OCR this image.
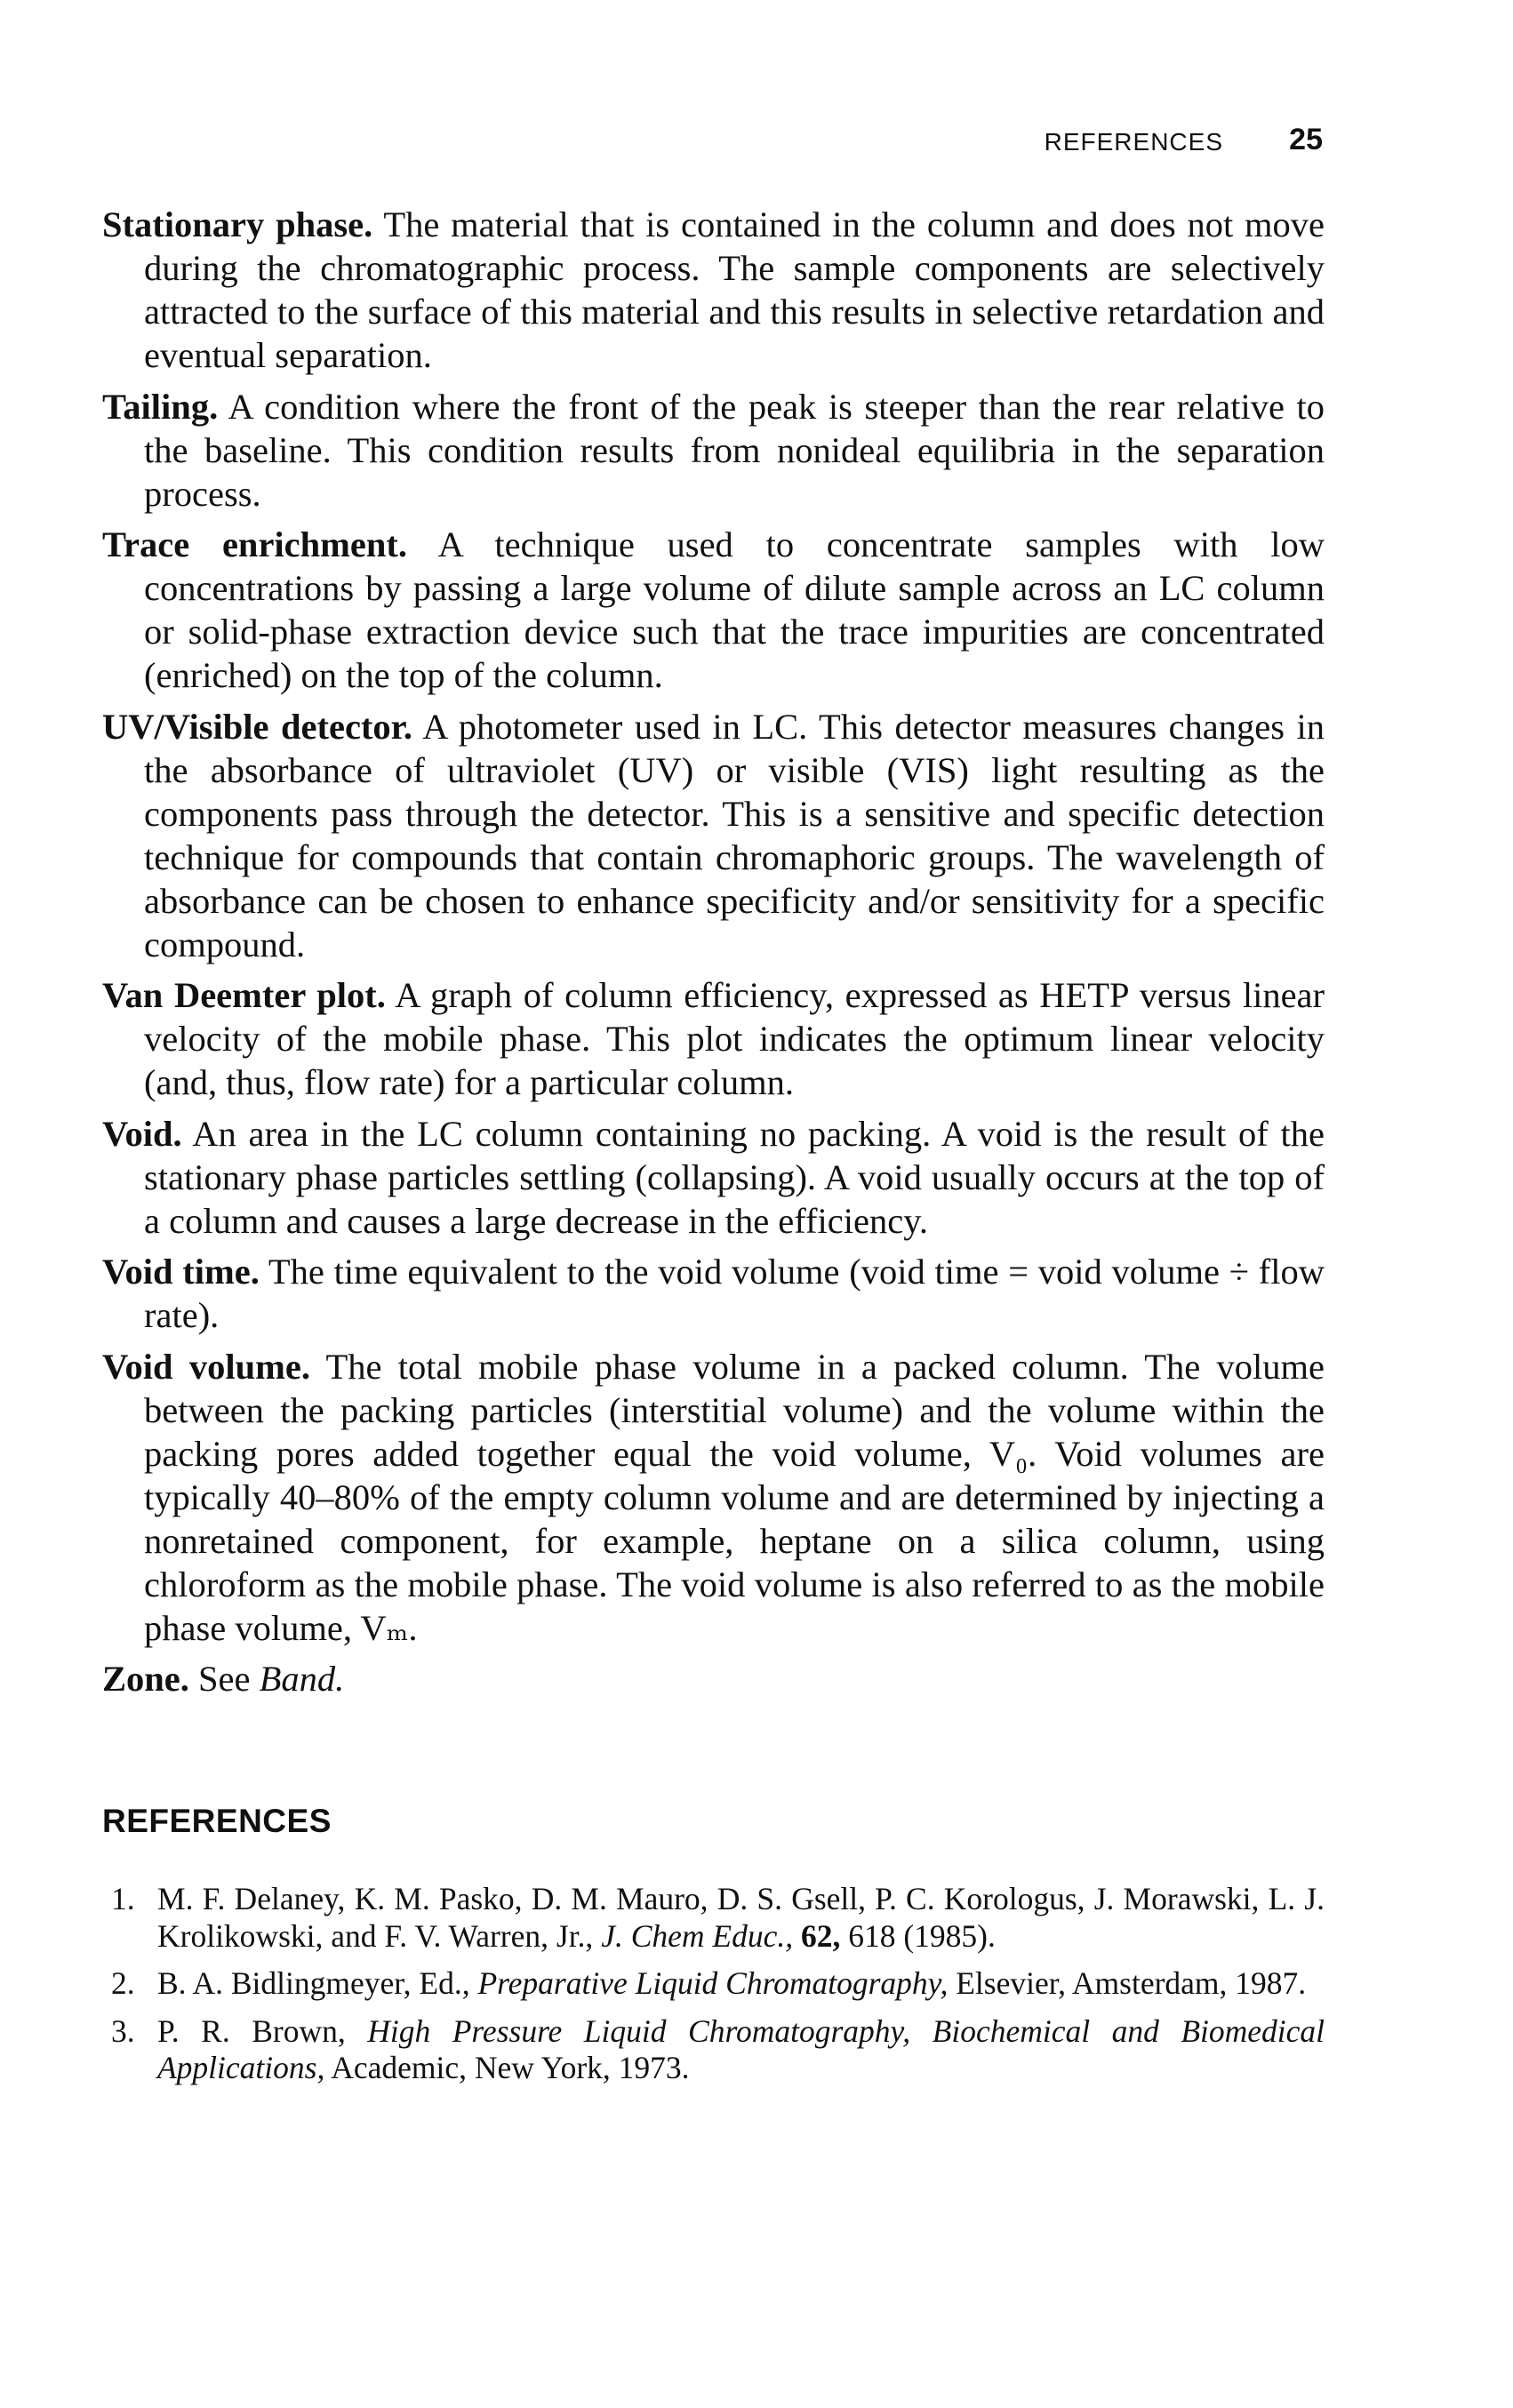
REFERENCES 25

Stationary phase. The material that is contained in the column and does not move during the chromatographic process. The sample components are selectively attracted to the surface of this material and this results in selective retardation and eventual separation.

Tailing. A condition where the front of the peak is steeper than the rear relative to the baseline. This condition results from nonideal equilibria in the separation process.

Trace enrichment. A technique used to concentrate samples with low concentrations by passing a large volume of dilute sample across an LC column or solid-phase extraction device such that the trace impurities are concentrated (enriched) on the top of the column.

UV/Visible detector. A photometer used in LC. This detector measures changes in the absorbance of ultraviolet (UV) or visible (VIS) light resulting as the components pass through the detector. This is a sensitive and specific detection technique for compounds that contain chromaphoric groups. The wavelength of absorbance can be chosen to enhance specificity and/or sensitivity for a specific compound.

Van Deemter plot. A graph of column efficiency, expressed as HETP versus linear velocity of the mobile phase. This plot indicates the optimum linear velocity (and, thus, flow rate) for a particular column.

Void. An area in the LC column containing no packing. A void is the result of the stationary phase particles settling (collapsing). A void usually occurs at the top of a column and causes a large decrease in the efficiency.

Void time. The time equivalent to the void volume (void time = void volume ÷ flow rate).

Void volume. The total mobile phase volume in a packed column. The volume between the packing particles (interstitial volume) and the volume within the packing pores added together equal the void volume, V₀. Void volumes are typically 40–80% of the empty column volume and are determined by injecting a nonretained component, for example, heptane on a silica column, using chloroform as the mobile phase. The void volume is also referred to as the mobile phase volume, Vₘ.

Zone. See Band.

REFERENCES
1. M. F. Delaney, K. M. Pasko, D. M. Mauro, D. S. Gsell, P. C. Korologus, J. Morawski, L. J. Krolikowski, and F. V. Warren, Jr., J. Chem Educ., 62, 618 (1985).
2. B. A. Bidlingmeyer, Ed., Preparative Liquid Chromatography, Elsevier, Amsterdam, 1987.
3. P. R. Brown, High Pressure Liquid Chromatography, Biochemical and Biomedical Applications, Academic, New York, 1973.
